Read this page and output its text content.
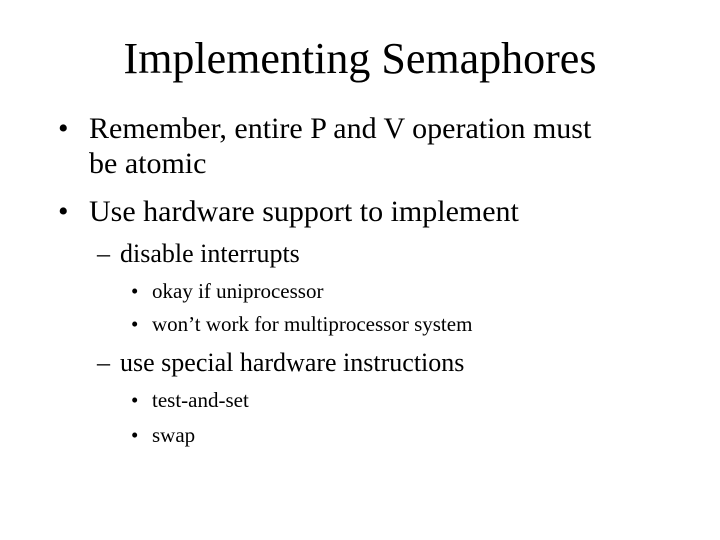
Implementing Semaphores
• Remember, entire P and V operation must
be atomic
• Use hardware support to implement
– disable interrupts
• okay if uniprocessor
• won’t work for multiprocessor system
– use special hardware instructions
• test-and-set
• swap
